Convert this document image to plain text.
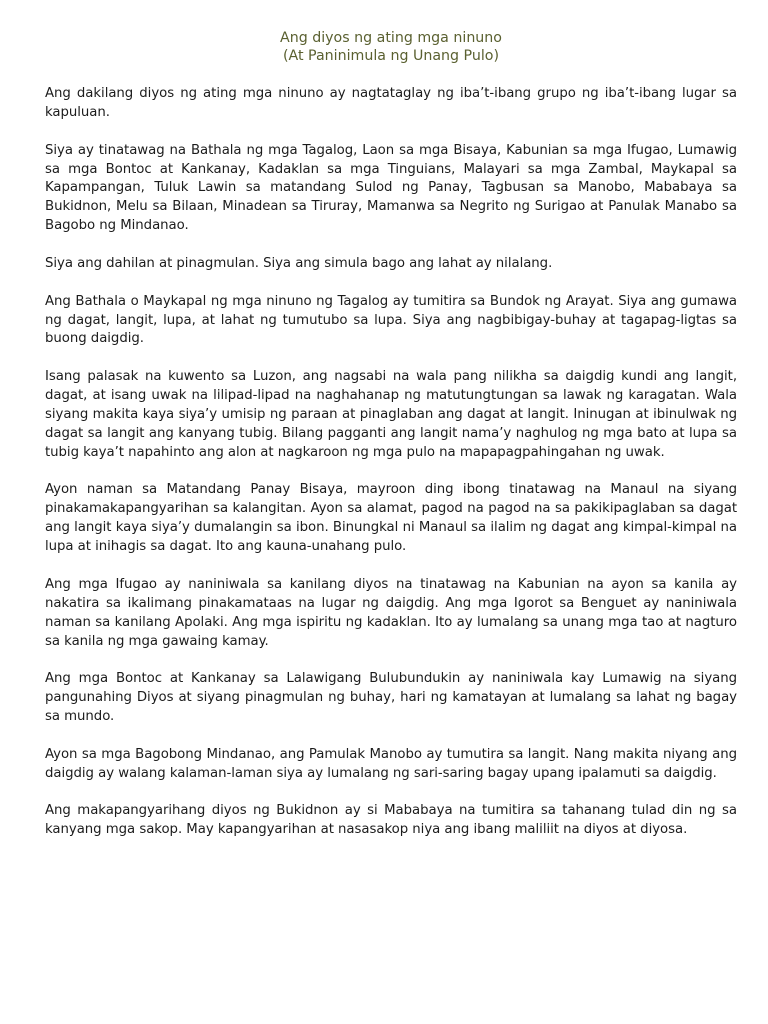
Ang diyos ng ating mga ninuno
(At Paninimula ng Unang Pulo)

Ang dakilang diyos ng ating mga ninuno ay nagtataglay ng iba’t-ibang grupo ng iba’t-ibang lugar sa kapuluan.

Siya ay tinatawag na Bathala ng mga Tagalog, Laon sa mga Bisaya, Kabunian sa mga Ifugao, Lumawig sa mga Bontoc at Kankanay, Kadaklan sa mga Tinguians, Malayari sa mga Zambal, Maykapal sa Kapampangan, Tuluk Lawin sa matandang Sulod ng Panay, Tagbusan sa Manobo, Mababaya sa Bukidnon, Melu sa Bilaan, Minadean sa Tiruray, Mamanwa sa Negrito ng Surigao at Panulak Manabo sa Bagobo ng Mindanao.

Siya ang dahilan at pinagmulan. Siya ang simula bago ang lahat ay nilalang.

Ang Bathala o Maykapal ng mga ninuno ng Tagalog ay tumitira sa Bundok ng Arayat. Siya ang gumawa ng dagat, langit, lupa, at lahat ng tumutubo sa lupa. Siya ang nagbibigay-buhay at tagapag-ligtas sa buong daigdig.

Isang palasak na kuwento sa Luzon, ang nagsabi na wala pang nilikha sa daigdig kundi ang langit, dagat, at isang uwak na lilipad-lipad na naghahanap ng matutungtungan sa lawak ng karagatan. Wala siyang makita kaya siya’y umisip ng paraan at pinaglaban ang dagat at langit. Ininugan at ibinulwak ng dagat sa langit ang kanyang tubig. Bilang pagganti ang langit nama’y naghulog ng mga bato at lupa sa tubig kaya’t napahinto ang alon at nagkaroon ng mga pulo na mapapagpahingahan ng uwak.

Ayon naman sa Matandang Panay Bisaya, mayroon ding ibong tinatawag na Manaul na siyang pinakamakapangyarihan sa kalangitan. Ayon sa alamat, pagod na pagod na sa pakikipaglaban sa dagat ang langit kaya siya’y dumalangin sa ibon. Binungkal ni Manaul sa ilalim ng dagat ang kimpal-kimpal na lupa at inihagis sa dagat. Ito ang kauna-unahang pulo.

Ang mga Ifugao ay naniniwala sa kanilang diyos na tinatawag na Kabunian na ayon sa kanila ay nakatira sa ikalimang pinakamataas na lugar ng daigdig. Ang mga Igorot sa Benguet ay naniniwala naman sa kanilang Apolaki. Ang mga ispiritu ng kadaklan. Ito ay lumalang sa unang mga tao at nagturo sa kanila ng mga gawaing kamay.

Ang mga Bontoc at Kankanay sa Lalawigang Bulubundukin ay naniniwala kay Lumawig na siyang pangunahing Diyos at siyang pinagmulan ng buhay, hari ng kamatayan at lumalang sa lahat ng bagay sa mundo.

Ayon sa mga Bagobong Mindanao, ang Pamulak Manobo ay tumutira sa langit. Nang makita niyang ang daigdig ay walang kalaman-laman siya ay lumalang ng sari-saring bagay upang ipalamuti sa daigdig.

Ang makapangyarihang diyos ng Bukidnon ay si Mababaya na tumitira sa tahanang tulad din ng sa kanyang mga sakop. May kapangyarihan at nasasakop niya ang ibang maliliit na diyos at diyosa.
